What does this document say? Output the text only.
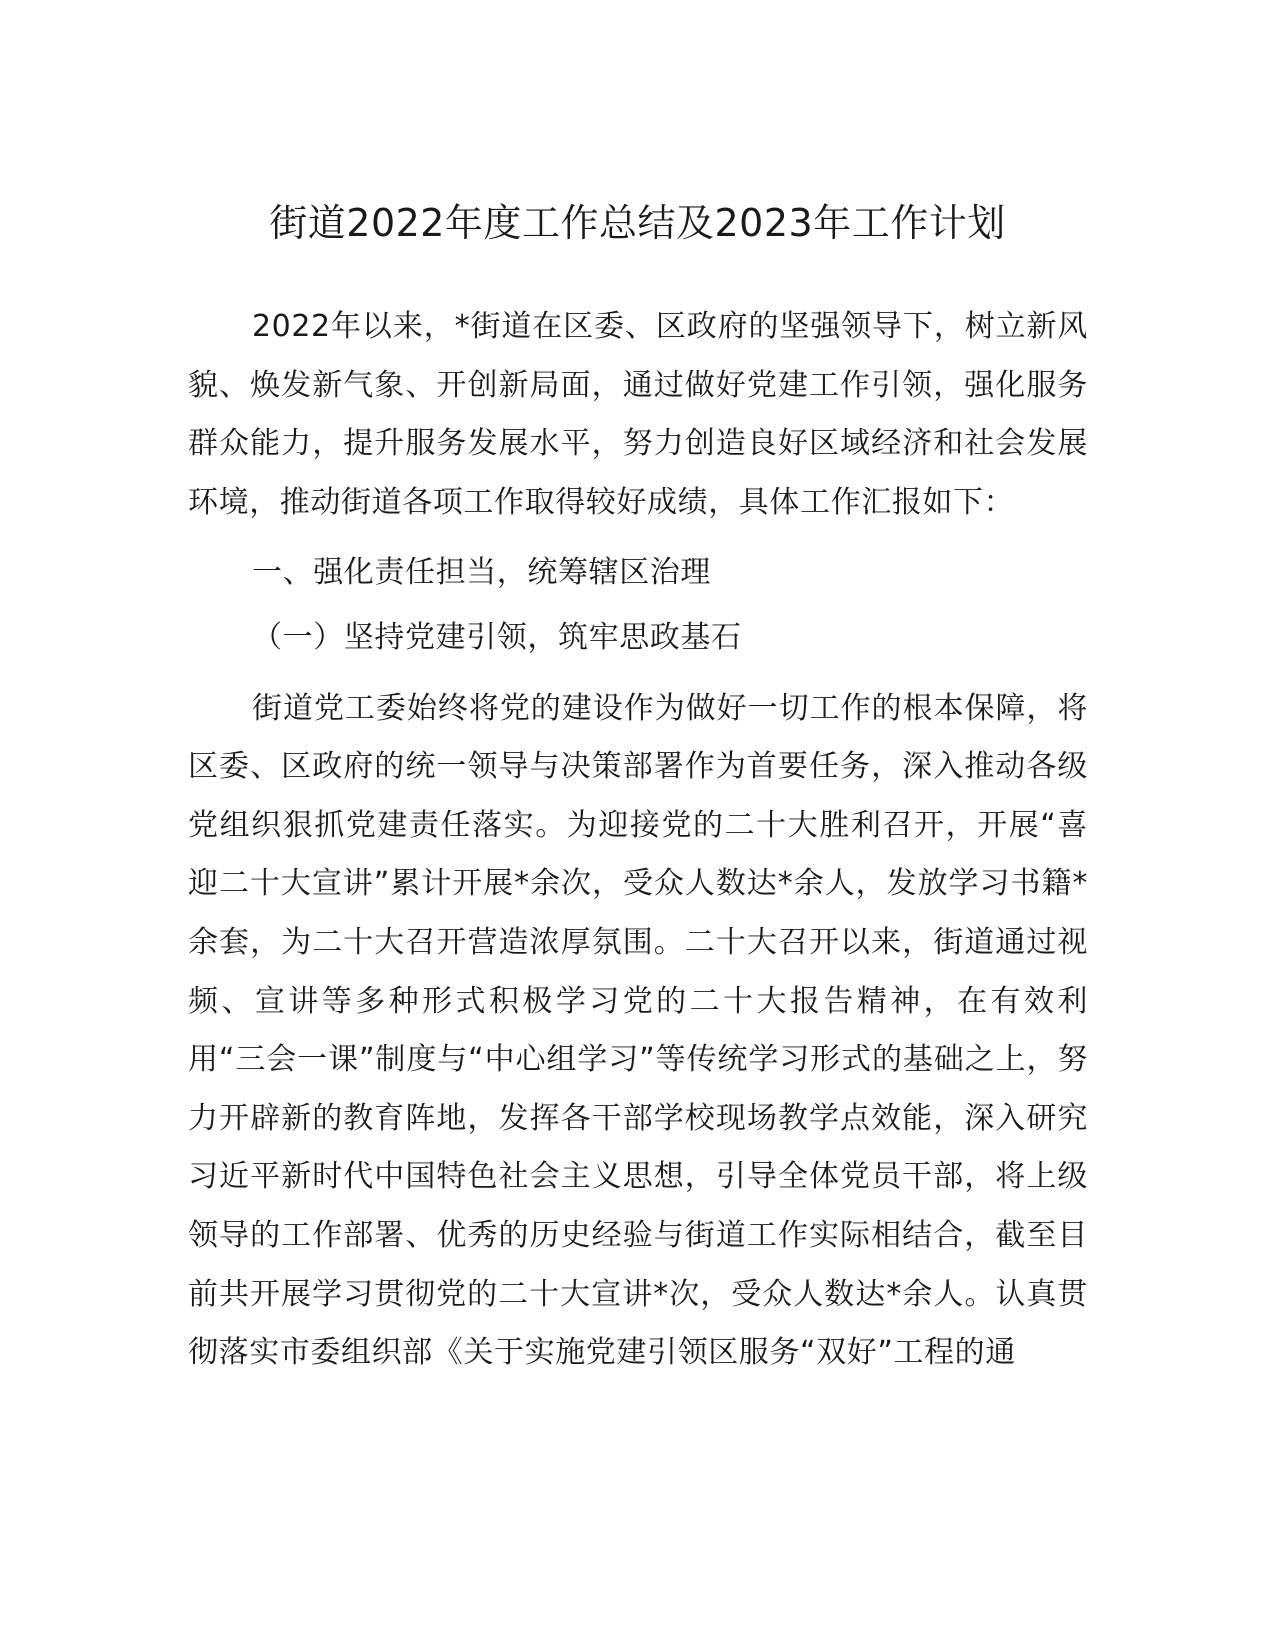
街道2022年度工作总结及2023年工作计划

2022年以来，*街道在区委、区政府的坚强领导下，树立新风貌、焕发新气象、开创新局面，通过做好党建工作引领，强化服务群众能力，提升服务发展水平，努力创造良好区域经济和社会发展环境，推动街道各项工作取得较好成绩，具体工作汇报如下：

一、强化责任担当，统筹辖区治理

（一）坚持党建引领，筑牢思政基石

街道党工委始终将党的建设作为做好一切工作的根本保障，将区委、区政府的统一领导与决策部署作为首要任务，深入推动各级党组织狠抓党建责任落实。为迎接党的二十大胜利召开，开展“喜迎二十大宣讲”累计开展*余次，受众人数达*余人，发放学习书籍*余套，为二十大召开营造浓厚氛围。二十大召开以来，街道通过视频、宣讲等多种形式积极学习党的二十大报告精神，在有效利用“三会一课”制度与“中心组学习”等传统学习形式的基础之上，努力开辟新的教育阵地，发挥各干部学校现场教学点效能，深入研究习近平新时代中国特色社会主义思想，引导全体党员干部，将上级领导的工作部署、优秀的历史经验与街道工作实际相结合，截至目前共开展学习贯彻党的二十大宣讲*次，受众人数达*余人。认真贯彻落实市委组织部《关于实施党建引领区服务“双好”工程的通
